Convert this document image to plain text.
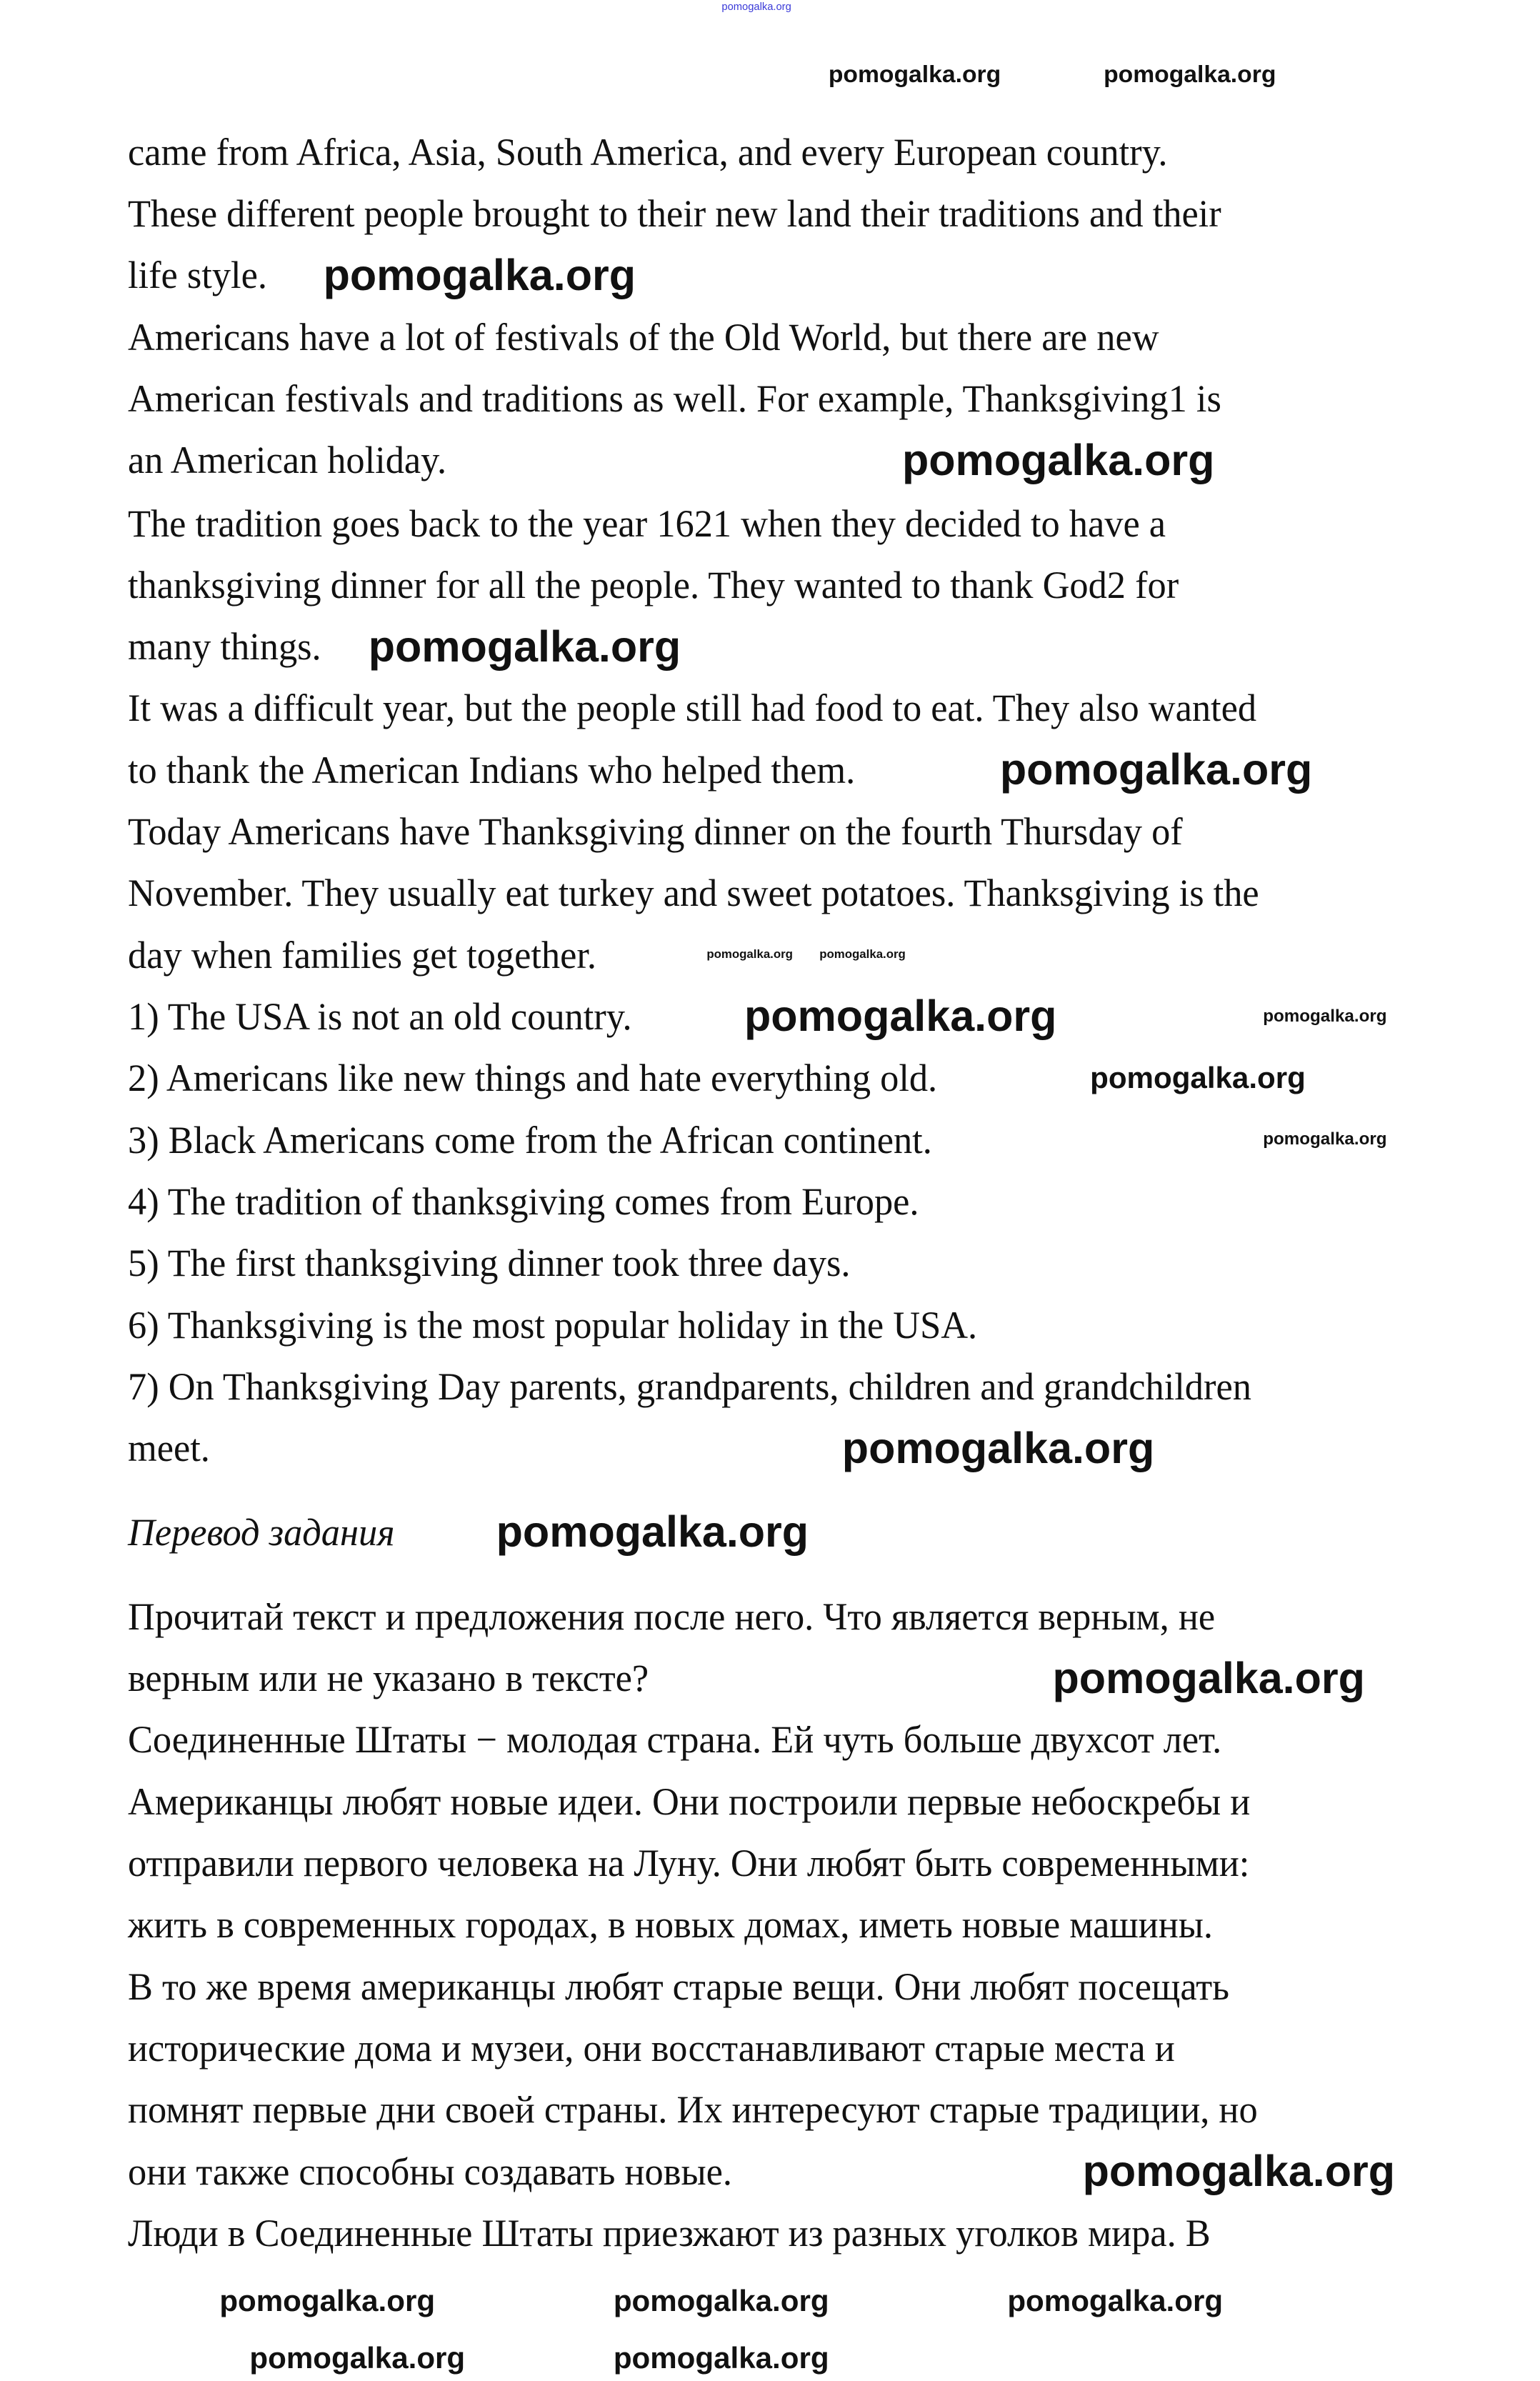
came from Africa, Asia, South America, and every European country.
These different people brought to their new land their traditions and their
life style.
Americans have a lot of festivals of the Old World, but there are new
American festivals and traditions as well. For example, Thanksgiving1 is
an American holiday.
The tradition goes back to the year 1621 when they decided to have a
thanksgiving dinner for all the people. They wanted to thank God2 for
many things.
It was a difficult year, but the people still had food to eat. They also wanted
to thank the American Indians who helped them.
Today Americans have Thanksgiving dinner on the fourth Thursday of
November. They usually eat turkey and sweet potatoes. Thanksgiving is the
day when families get together.
1) The USA is not an old country.
2) Americans like new things and hate everything old.
3) Black Americans come from the African continent.
4) The tradition of thanksgiving comes from Europe.
5) The first thanksgiving dinner took three days.
6) Thanksgiving is the most popular holiday in the USA.
7) On Thanksgiving Day parents, grandparents, children and grandchildren
meet.
Перевод задания
Прочитай текст и предложения после него. Что является верным, не
верным или не указано в тексте?
Соединенные Штаты − молодая страна. Ей чуть больше двухсот лет.
Американцы любят новые идеи. Они построили первые небоскребы и
отправили первого человека на Луну. Они любят быть современными:
жить в современных городах, в новых домах, иметь новые машины.
В то же время американцы любят старые вещи. Они любят посещать
исторические дома и музеи, они восстанавливают старые места и
помнят первые дни своей страны. Их интересуют старые традиции, но
они также способны создавать новые.
Люди в Соединенные Штаты приезжают из разных уголков мира. В
pomogalka.org
pomogalka.org	pomogalka.org
pomogalka.org
pomogalka.org
pomogalka.org
pomogalka.org
pomogalka.org pomogalka.org
pomogalka.org	pomogalka.org
pomogalka.org
pomogalka.org
pomogalka.org
pomogalka.org
pomogalka.org
pomogalka.org
pomogalka.org	pomogalka.org	pomogalka.org
pomogalka.org	pomogalka.org
